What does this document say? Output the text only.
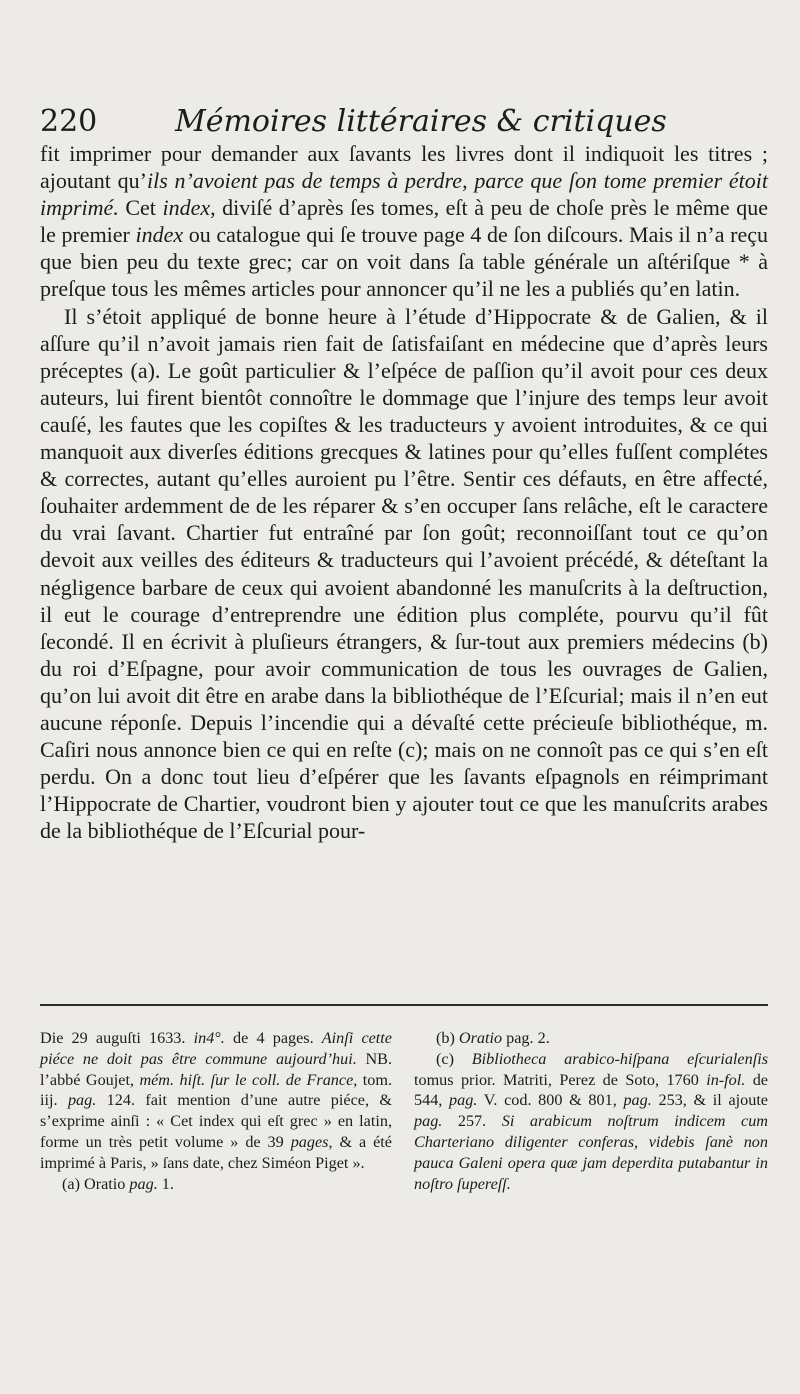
220	Mémoires littéraires & critiques

fit imprimer pour demander aux ſavants les livres dont il indiquoit les titres ; ajoutant qu’ils n’avoient pas de temps à perdre, parce que ſon tome premier étoit imprimé. Cet index, diviſé d’après ſes tomes, eſt à peu de choſe près le même que le premier index ou catalogue qui ſe trouve page 4 de ſon diſcours. Mais il n’a reçu que bien peu du texte grec; car on voit dans ſa table générale un aſtériſque * à preſque tous les mêmes articles pour annoncer qu’il ne les a publiés qu’en latin.

Il s’étoit appliqué de bonne heure à l’étude d’Hippocrate & de Galien, & il aſſure qu’il n’avoit jamais rien fait de ſatisfaiſant en médecine que d’après leurs préceptes (a). Le goût particulier & l’eſpéce de paſſion qu’il avoit pour ces deux auteurs, lui firent bientôt connoître le dommage que l’injure des temps leur avoit cauſé, les fautes que les copiſtes & les traducteurs y avoient introduites, & ce qui manquoit aux diverſes éditions grecques & latines pour qu’elles fuſſent complétes & correctes, autant qu’elles auroient pu l’être. Sentir ces défauts, en être affecté, ſouhaiter ardemment de de les réparer & s’en occuper ſans relâche, eſt le caractere du vrai ſavant. Chartier fut entraîné par ſon goût; reconnoiſſant tout ce qu’on devoit aux veilles des éditeurs & traducteurs qui l’avoient précédé, & déteſtant la négligence barbare de ceux qui avoient abandonné les manuſcrits à la deſtruction, il eut le courage d’entreprendre une édition plus compléte, pourvu qu’il fût ſecondé. Il en écrivit à pluſieurs étrangers, & ſur-tout aux premiers médecins (b) du roi d’Eſpagne, pour avoir communication de tous les ouvrages de Galien, qu’on lui avoit dit être en arabe dans la bibliothéque de l’Eſcurial; mais il n’en eut aucune réponſe. Depuis l’incendie qui a dévaſté cette précieuſe bibliothéque, m. Caſiri nous annonce bien ce qui en reſte (c); mais on ne connoît pas ce qui s’en eſt perdu. On a donc tout lieu d’eſpérer que les ſavants eſpagnols en réimprimant l’Hippocrate de Chartier, voudront bien y ajouter tout ce que les manuſcrits arabes de la bibliothéque de l’Eſcurial pour-

Die 29 auguſti 1633. in4°. de 4 pages. Ainſi cette piéce ne doit pas être commune aujourd’hui. NB. l’abbé Goujet, mém. hiſt. ſur le coll. de France, tom. iij. pag. 124. fait mention d’une autre piéce, & s’exprime ainſi : « Cet index qui eſt grec » en latin, forme un très petit volume » de 39 pages, & a été imprimé à Paris, » ſans date, chez Siméon Piget ».
(a) Oratio pag. 1.

(b) Oratio pag. 2.
(c) Bibliotheca arabico-hiſpana eſcurialenſis tomus prior. Matriti, Perez de Soto, 1760 in-fol. de 544, pag. V. cod. 800 & 801, pag. 253, & il ajoute pag. 257. Si arabicum noſtrum indicem cum Charteriano diligenter conferas, videbis ſanè non pauca Galeni opera quæ jam deperdita putabantur in noſtro ſupereſſ.
